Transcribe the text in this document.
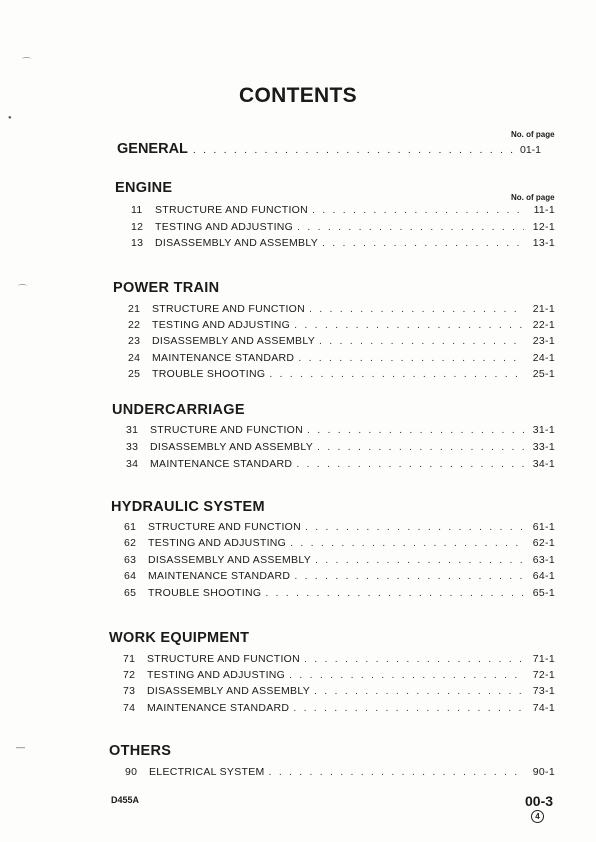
⌒
●
⌒
—
CONTENTS
No. of page
GENERAL . . .	01-1
ENGINE
No. of page
11	STRUCTURE AND FUNCTION . . .	11-1
12	TESTING AND ADJUSTING . . .	12-1
13	DISASSEMBLY AND ASSEMBLY . . .	13-1
POWER TRAIN
21	STRUCTURE AND FUNCTION . . .	21-1
22	TESTING AND ADJUSTING . . .	22-1
23	DISASSEMBLY AND ASSEMBLY . . .	23-1
24	MAINTENANCE STANDARD . . .	24-1
25	TROUBLE SHOOTING . . .	25-1
UNDERCARRIAGE
31	STRUCTURE AND FUNCTION . . .	31-1
33	DISASSEMBLY AND ASSEMBLY . . .	33-1
34	MAINTENANCE STANDARD . . .	34-1
HYDRAULIC SYSTEM
61	STRUCTURE AND FUNCTION . . .	61-1
62	TESTING AND ADJUSTING . . .	62-1
63	DISASSEMBLY AND ASSEMBLY . . .	63-1
64	MAINTENANCE STANDARD . . .	64-1
65	TROUBLE SHOOTING . . .	65-1
WORK EQUIPMENT
71	STRUCTURE AND FUNCTION . . .	71-1
72	TESTING AND ADJUSTING . . .	72-1
73	DISASSEMBLY AND ASSEMBLY . . .	73-1
74	MAINTENANCE STANDARD . . .	74-1
OTHERS
90	ELECTRICAL SYSTEM . . .	90-1
D455A	00-3
4
